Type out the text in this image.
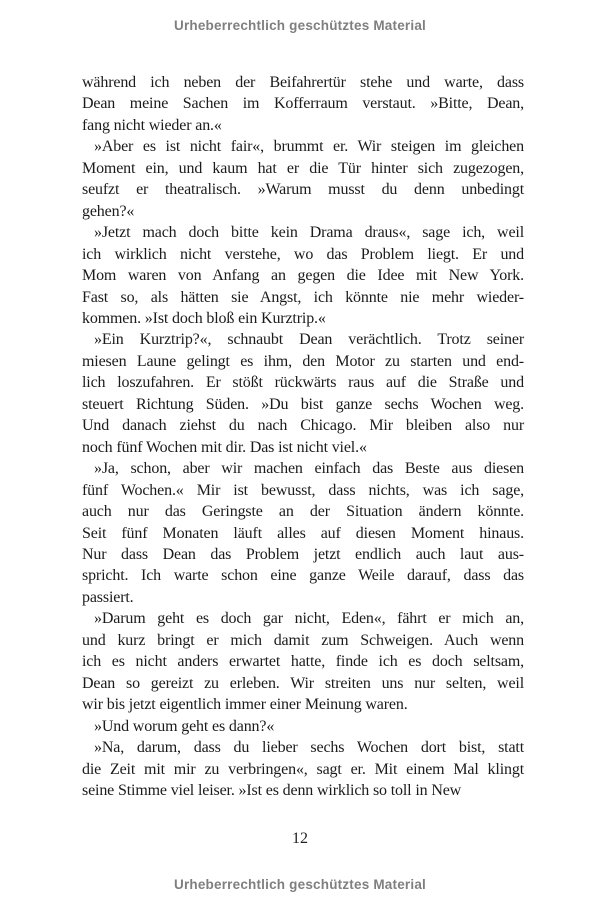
Urheberrechtlich geschütztes Material
während ich neben der Beifahrertür stehe und warte, dass
Dean meine Sachen im Kofferraum verstaut. »Bitte, Dean,
fang nicht wieder an.«
»Aber es ist nicht fair«, brummt er. Wir steigen im gleichen
Moment ein, und kaum hat er die Tür hinter sich zugezogen,
seufzt er theatralisch. »Warum musst du denn unbedingt
gehen?«
»Jetzt mach doch bitte kein Drama draus«, sage ich, weil
ich wirklich nicht verstehe, wo das Problem liegt. Er und
Mom waren von Anfang an gegen die Idee mit New York.
Fast so, als hätten sie Angst, ich könnte nie mehr wieder-
kommen. »Ist doch bloß ein Kurztrip.«
»Ein Kurztrip?«, schnaubt Dean verächtlich. Trotz seiner
miesen Laune gelingt es ihm, den Motor zu starten und end-
lich loszufahren. Er stößt rückwärts raus auf die Straße und
steuert Richtung Süden. »Du bist ganze sechs Wochen weg.
Und danach ziehst du nach Chicago. Mir bleiben also nur
noch fünf Wochen mit dir. Das ist nicht viel.«
»Ja, schon, aber wir machen einfach das Beste aus diesen
fünf Wochen.« Mir ist bewusst, dass nichts, was ich sage,
auch nur das Geringste an der Situation ändern könnte.
Seit fünf Monaten läuft alles auf diesen Moment hinaus.
Nur dass Dean das Problem jetzt endlich auch laut aus-
spricht. Ich warte schon eine ganze Weile darauf, dass das
passiert.
»Darum geht es doch gar nicht, Eden«, fährt er mich an,
und kurz bringt er mich damit zum Schweigen. Auch wenn
ich es nicht anders erwartet hatte, finde ich es doch seltsam,
Dean so gereizt zu erleben. Wir streiten uns nur selten, weil
wir bis jetzt eigentlich immer einer Meinung waren.
»Und worum geht es dann?«
»Na, darum, dass du lieber sechs Wochen dort bist, statt
die Zeit mit mir zu verbringen«, sagt er. Mit einem Mal klingt
seine Stimme viel leiser. »Ist es denn wirklich so toll in New
12
Urheberrechtlich geschütztes Material
